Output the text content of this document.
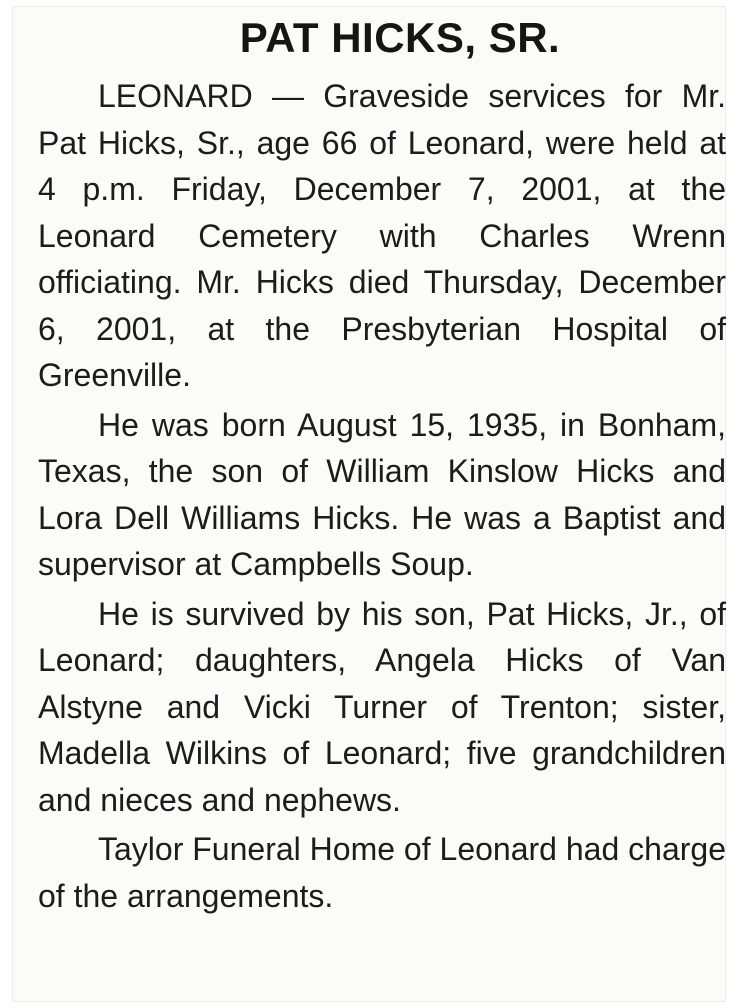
PAT HICKS, SR.

LEONARD — Graveside services for Mr. Pat Hicks, Sr., age 66 of Leonard, were held at 4 p.m. Friday, December 7, 2001, at the Leonard Cemetery with Charles Wrenn officiating. Mr. Hicks died Thursday, December 6, 2001, at the Presbyterian Hospital of Greenville.

He was born August 15, 1935, in Bonham, Texas, the son of William Kinslow Hicks and Lora Dell Williams Hicks. He was a Baptist and supervisor at Campbells Soup.

He is survived by his son, Pat Hicks, Jr., of Leonard; daughters, Angela Hicks of Van Alstyne and Vicki Turner of Trenton; sister, Madella Wilkins of Leonard; five grandchildren and nieces and nephews.

Taylor Funeral Home of Leonard had charge of the arrangements.
